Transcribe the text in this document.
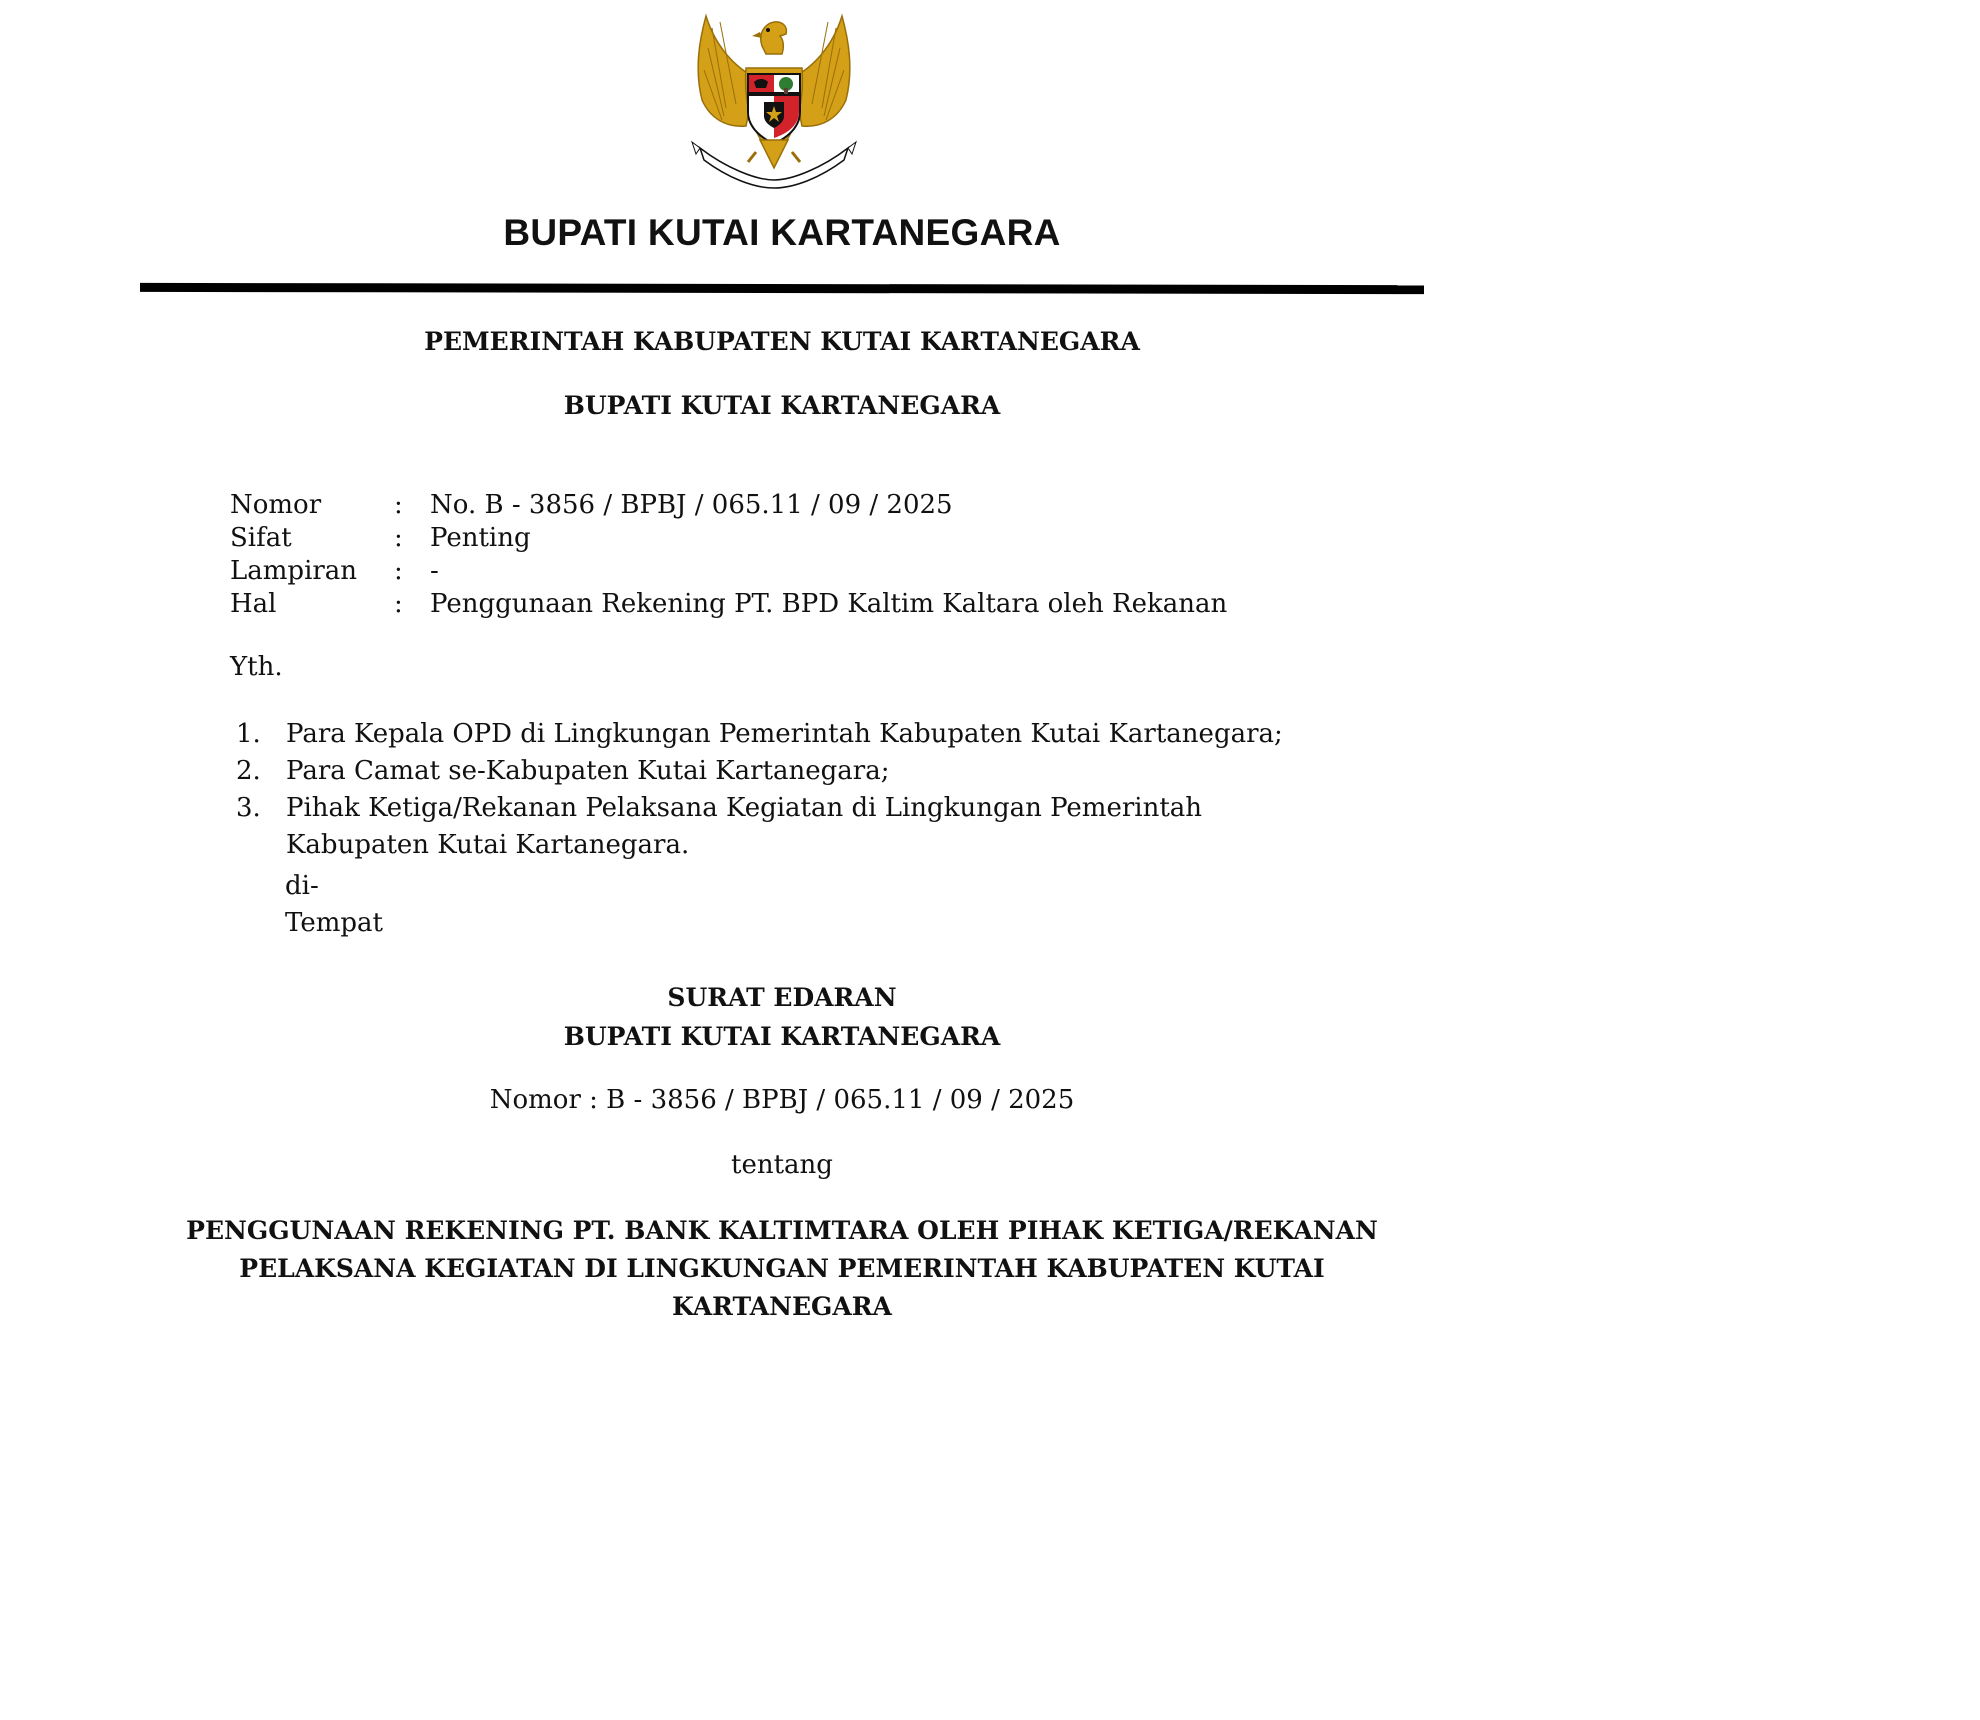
BUPATI KUTAI KARTANEGARA
PEMERINTAH KABUPATEN KUTAI KARTANEGARA
BUPATI KUTAI KARTANEGARA
Nomor	: No. B - 3856 / BPBJ / 065.11 / 09 / 2025
Sifat	: Penting
Lampiran : -
Hal	: Penggunaan Rekening PT. BPD Kaltim Kaltara oleh Rekanan
Yth.
1. Para Kepala OPD di Lingkungan Pemerintah Kabupaten Kutai Kartanegara;
2. Para Camat se-Kabupaten Kutai Kartanegara;
3. Pihak Ketiga/Rekanan Pelaksana Kegiatan di Lingkungan Pemerintah Kabupaten Kutai Kartanegara.
di-
Tempat
SURAT EDARAN
BUPATI KUTAI KARTANEGARA
Nomor : B - 3856 / BPBJ / 065.11 / 09 / 2025
tentang
PENGGUNAAN REKENING PT. BANK KALTIMTARA OLEH PIHAK KETIGA/REKANAN
PELAKSANA KEGIATAN DI LINGKUNGAN PEMERINTAH KABUPATEN KUTAI
KARTANEGARA
